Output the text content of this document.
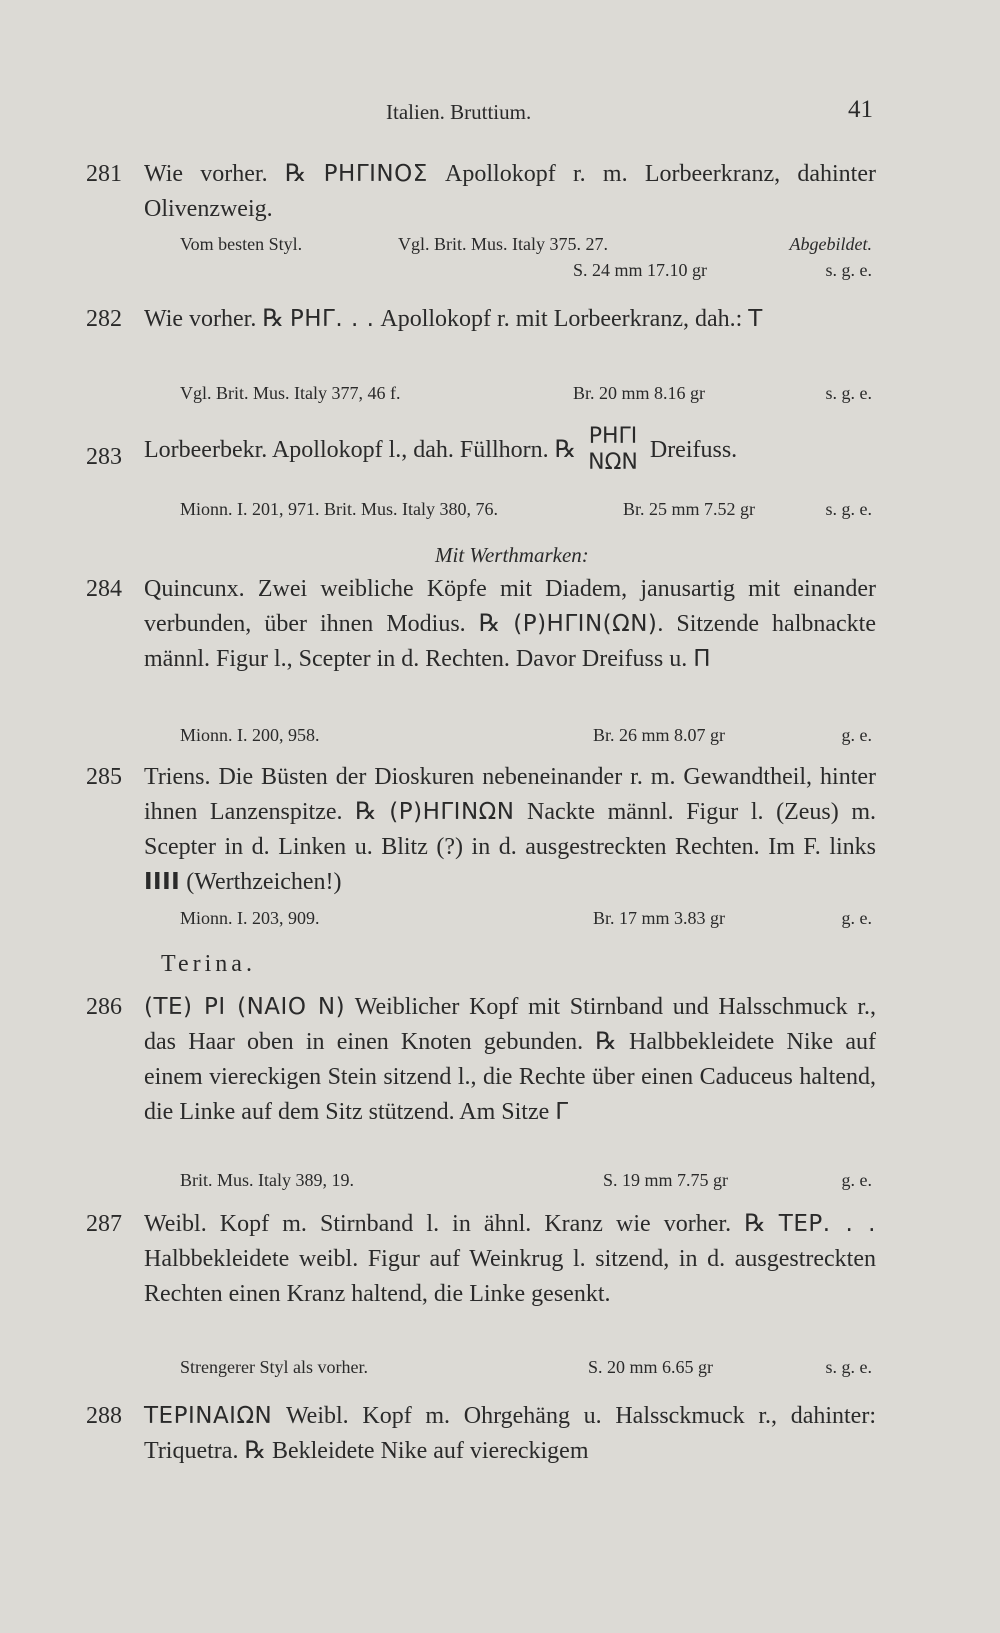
Italien. Bruttium.	41
281 Wie vorher. ℞ ΡΗΓΙΝΟΣ Apollokopf r. m. Lorbeerkranz, dahinter Olivenzweig.
Vom besten Styl.	Vgl. Brit. Mus. Italy 375. 27.	Abgebildet.
S. 24 mm 17.10 gr	s. g. e.
282 Wie vorher. ℞ ΡΗΓ. . . Apollokopf r. mit Lorbeerkranz, dah.: T
Vgl. Brit. Mus. Italy 377, 46 f.	Br. 20 mm 8.16 gr	s. g. e.
283 Lorbeerbekr. Apollokopf l., dah. Füllhorn. ℞
ΡΗΓΙ
ΝΩΝ Dreifuss.
Mionn. I. 201, 971. Brit. Mus. Italy 380, 76.	Br. 25 mm 7.52 gr	s. g. e.
Mit Werthmarken:
284 Quincunx. Zwei weibliche Köpfe mit Diadem, janusartig mit einander verbunden, über ihnen Modius. ℞ (Ρ)ΗΓΙΝ(ΩΝ). Sitzende halbnackte männl. Figur l., Scepter in d. Rechten. Davor Dreifuss u. Π
Mionn. I. 200, 958.	Br. 26 mm 8.07 gr	g. e.
285 Triens. Die Büsten der Dioskuren nebeneinander r. m. Gewandtheil, hinter ihnen Lanzenspitze. ℞ (Ρ)ΗΓΙΝΩΝ Nackte männl. Figur l. (Zeus) m. Scepter in d. Linken u. Blitz (?) in d. ausgestreckten Rechten. Im F. links IIII (Werthzeichen!)
Mionn. I. 203, 909.	Br. 17 mm 3.83 gr	g. e.
Terina.
286 (ΤΕ) ΡΙ (ΝΑΙΟ Ν) Weiblicher Kopf mit Stirnband und Halsschmuck r., das Haar oben in einen Knoten gebunden. ℞ Halbbekleidete Nike auf einem viereckigen Stein sitzend l., die Rechte über einen Caduceus haltend, die Linke auf dem Sitz stützend. Am Sitze Γ
Brit. Mus. Italy 389, 19.	S. 19 mm 7.75 gr	g. e.
287 Weibl. Kopf m. Stirnband l. in ähnl. Kranz wie vorher. ℞ ΤΕΡ. . . Halbbekleidete weibl. Figur auf Weinkrug l. sitzend, in d. ausgestreckten Rechten einen Kranz haltend, die Linke gesenkt.
Strengerer Styl als vorher.	S. 20 mm 6.65 gr	s. g. e.
288 ΤΕΡΙΝΑΙΩΝ Weibl. Kopf m. Ohrgehäng u. Halssckmuck r., dahinter: Triquetra. ℞ Bekleidete Nike auf viereckigem
